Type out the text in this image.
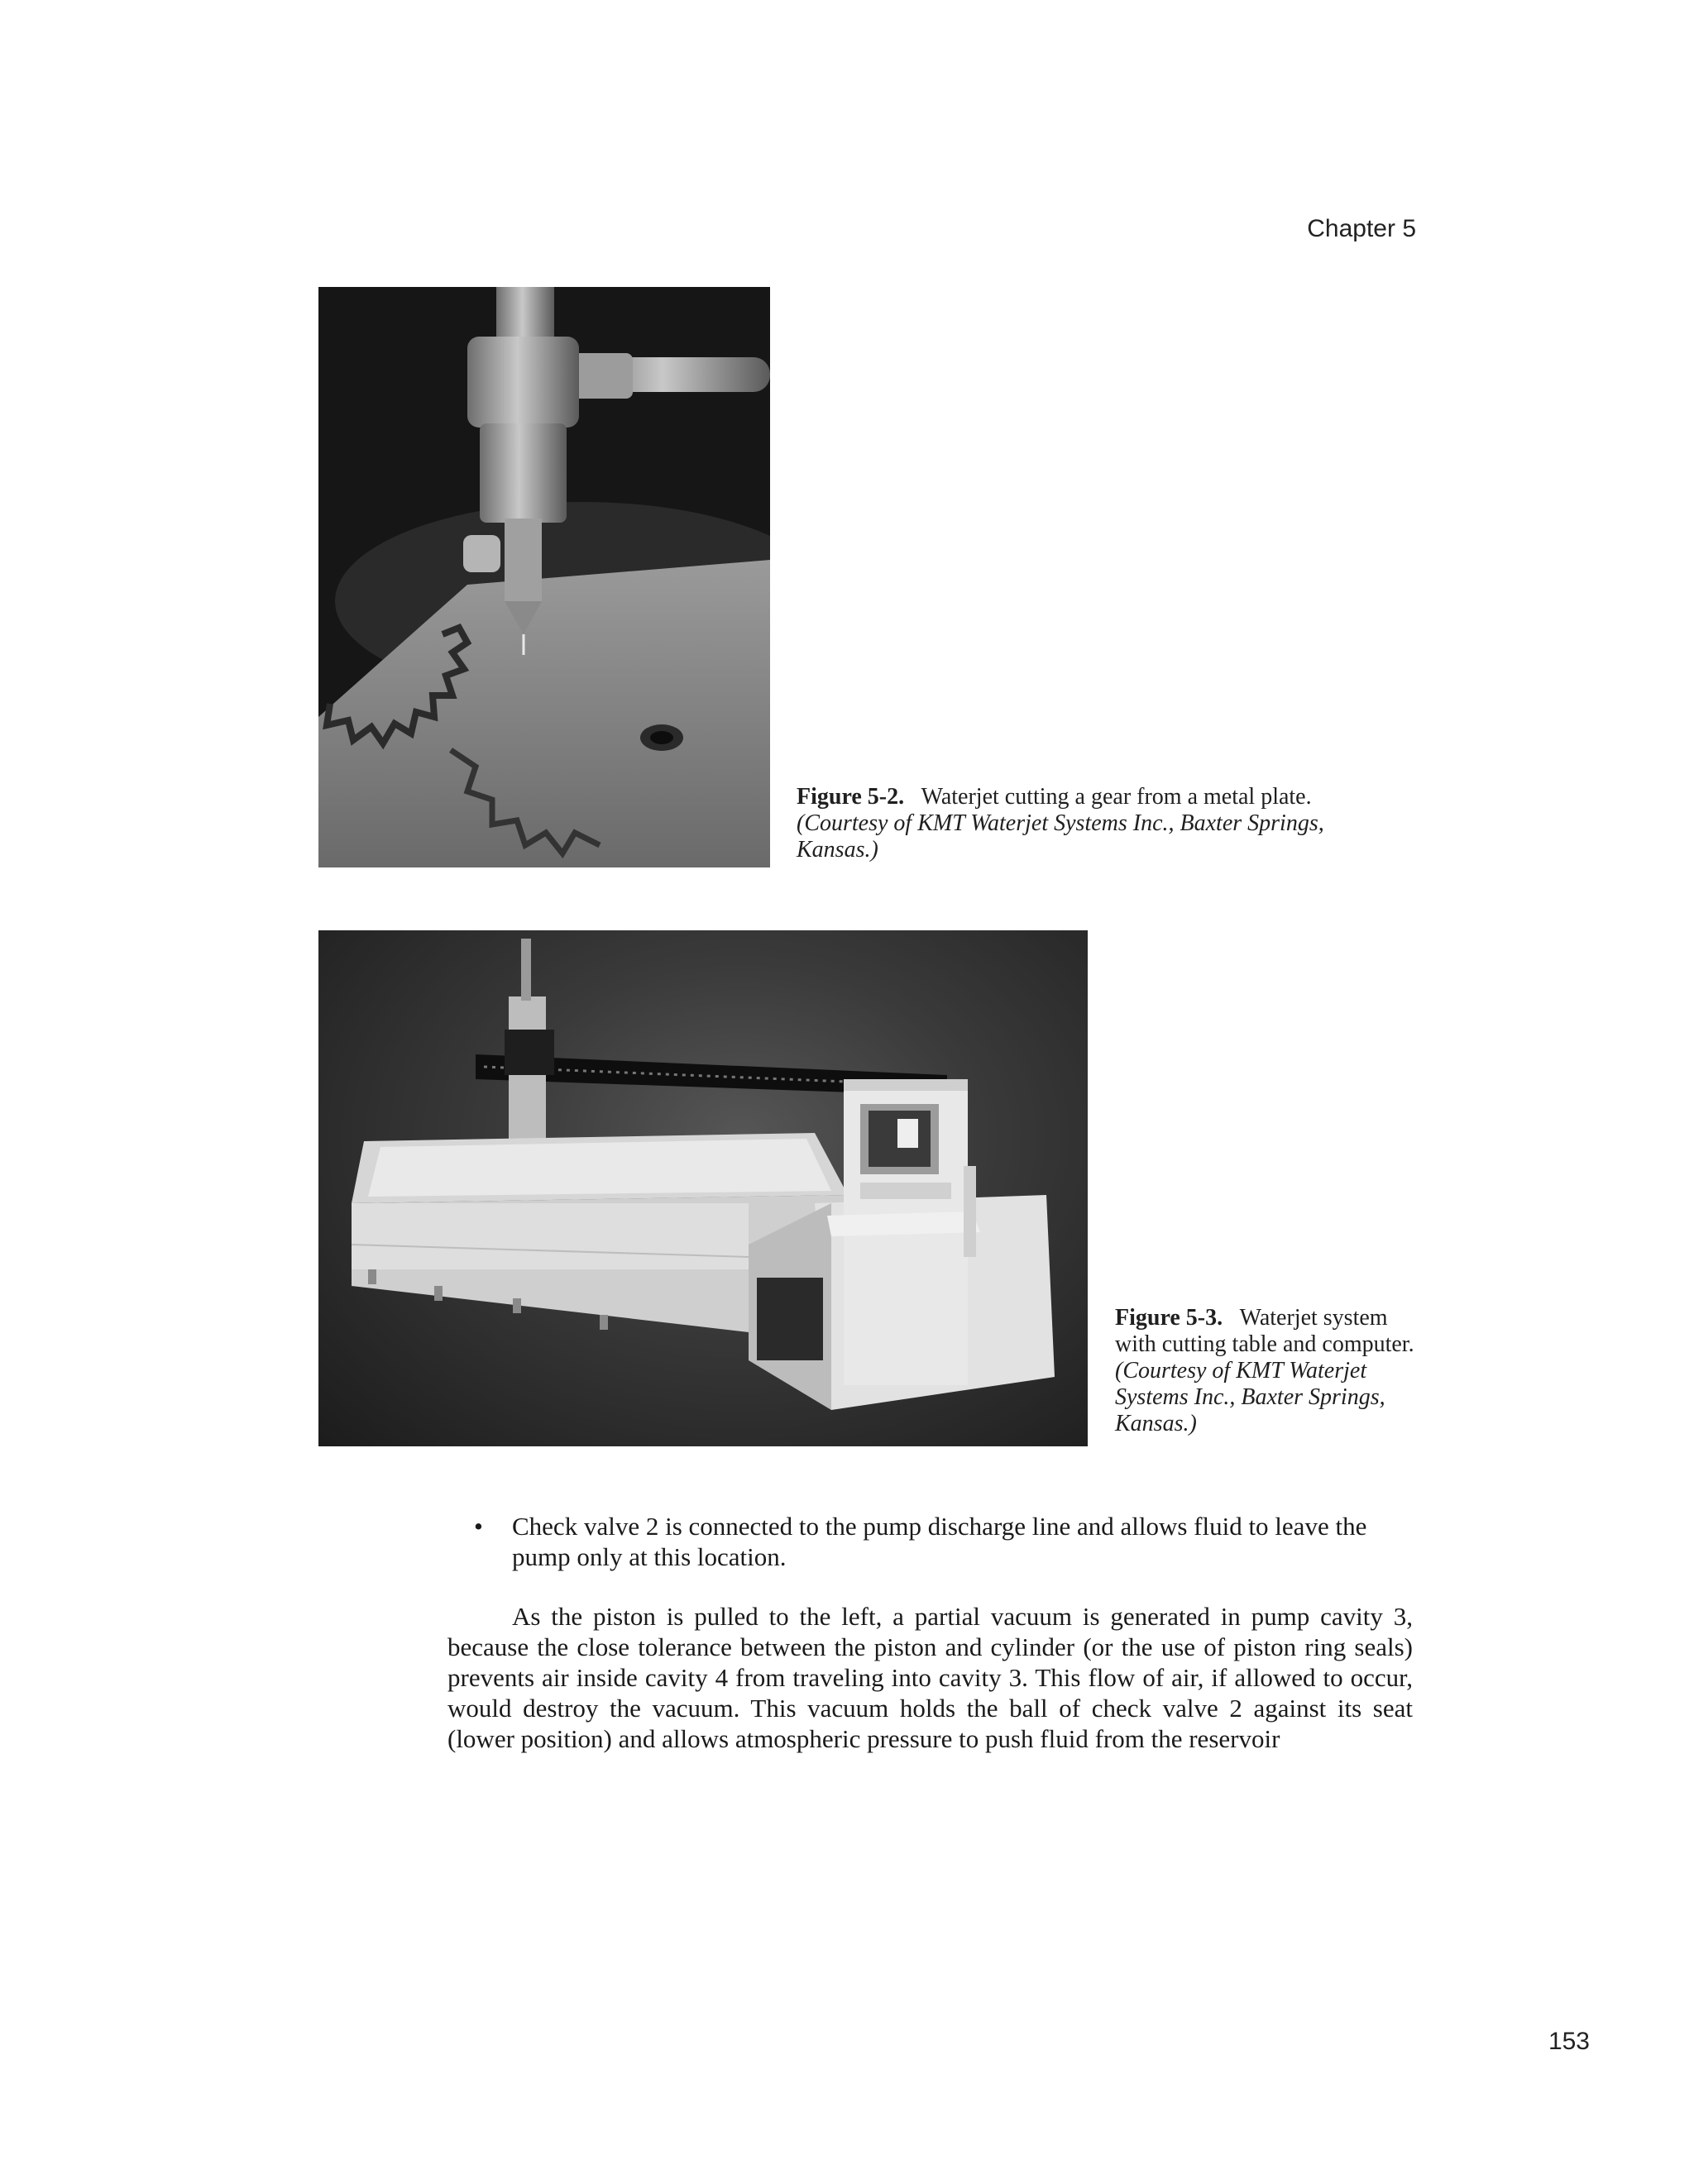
Chapter 5
Figure 5-2. Waterjet cutting a gear from a metal plate. (Courtesy of KMT Waterjet Systems Inc., Baxter Springs, Kansas.)
Figure 5-3. Waterjet system with cutting table and computer. (Courtesy of KMT Waterjet Systems Inc., Baxter Springs, Kansas.)
• Check valve 2 is connected to the pump discharge line and allows fluid to leave the pump only at this location.
As the piston is pulled to the left, a partial vacuum is generated in pump cavity 3, because the close tolerance between the piston and cylinder (or the use of piston ring seals) prevents air inside cavity 4 from traveling into cavity 3. This flow of air, if allowed to occur, would destroy the vacuum. This vacuum holds the ball of check valve 2 against its seat (lower position) and allows atmospheric pressure to push fluid from the reservoir
153
